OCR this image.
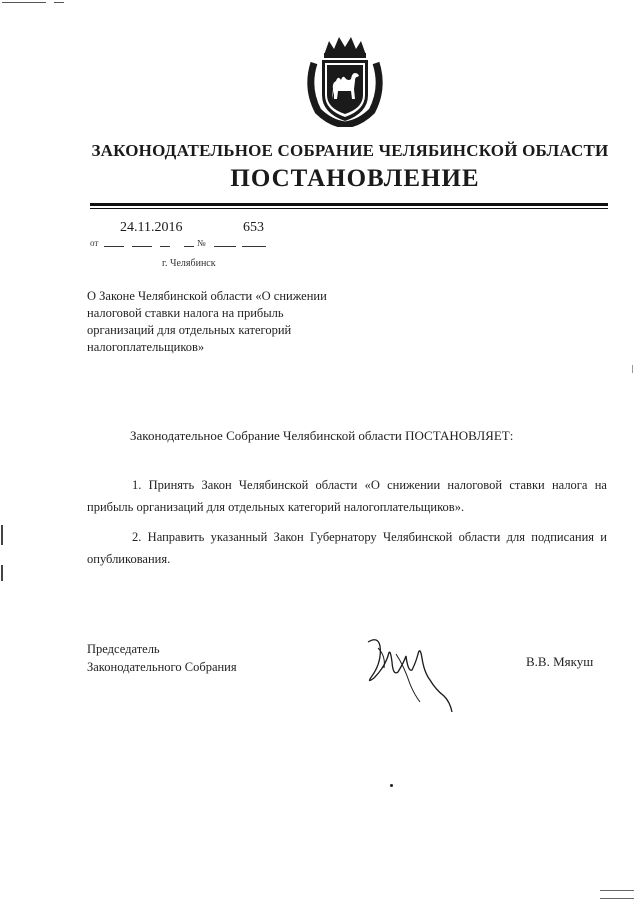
ЗАКОНОДАТЕЛЬНОЕ СОБРАНИЕ ЧЕЛЯБИНСКОЙ ОБЛАСТИ
ПОСТАНОВЛЕНИЕ
24.11.2016	653
от	№
г. Челябинск
О Законе Челябинской области «О снижении налоговой ставки налога на прибыль организаций для отдельных категорий налогоплательщиков»
Законодательное Собрание Челябинской области ПОСТАНОВЛЯЕТ:
1. Принять Закон Челябинской области «О снижении налоговой ставки налога на прибыль организаций для отдельных категорий налогоплательщиков».
2. Направить указанный Закон Губернатору Челябинской области для подписания и опубликования.
Председатель
Законодательного Собрания	В.В. Мякуш
